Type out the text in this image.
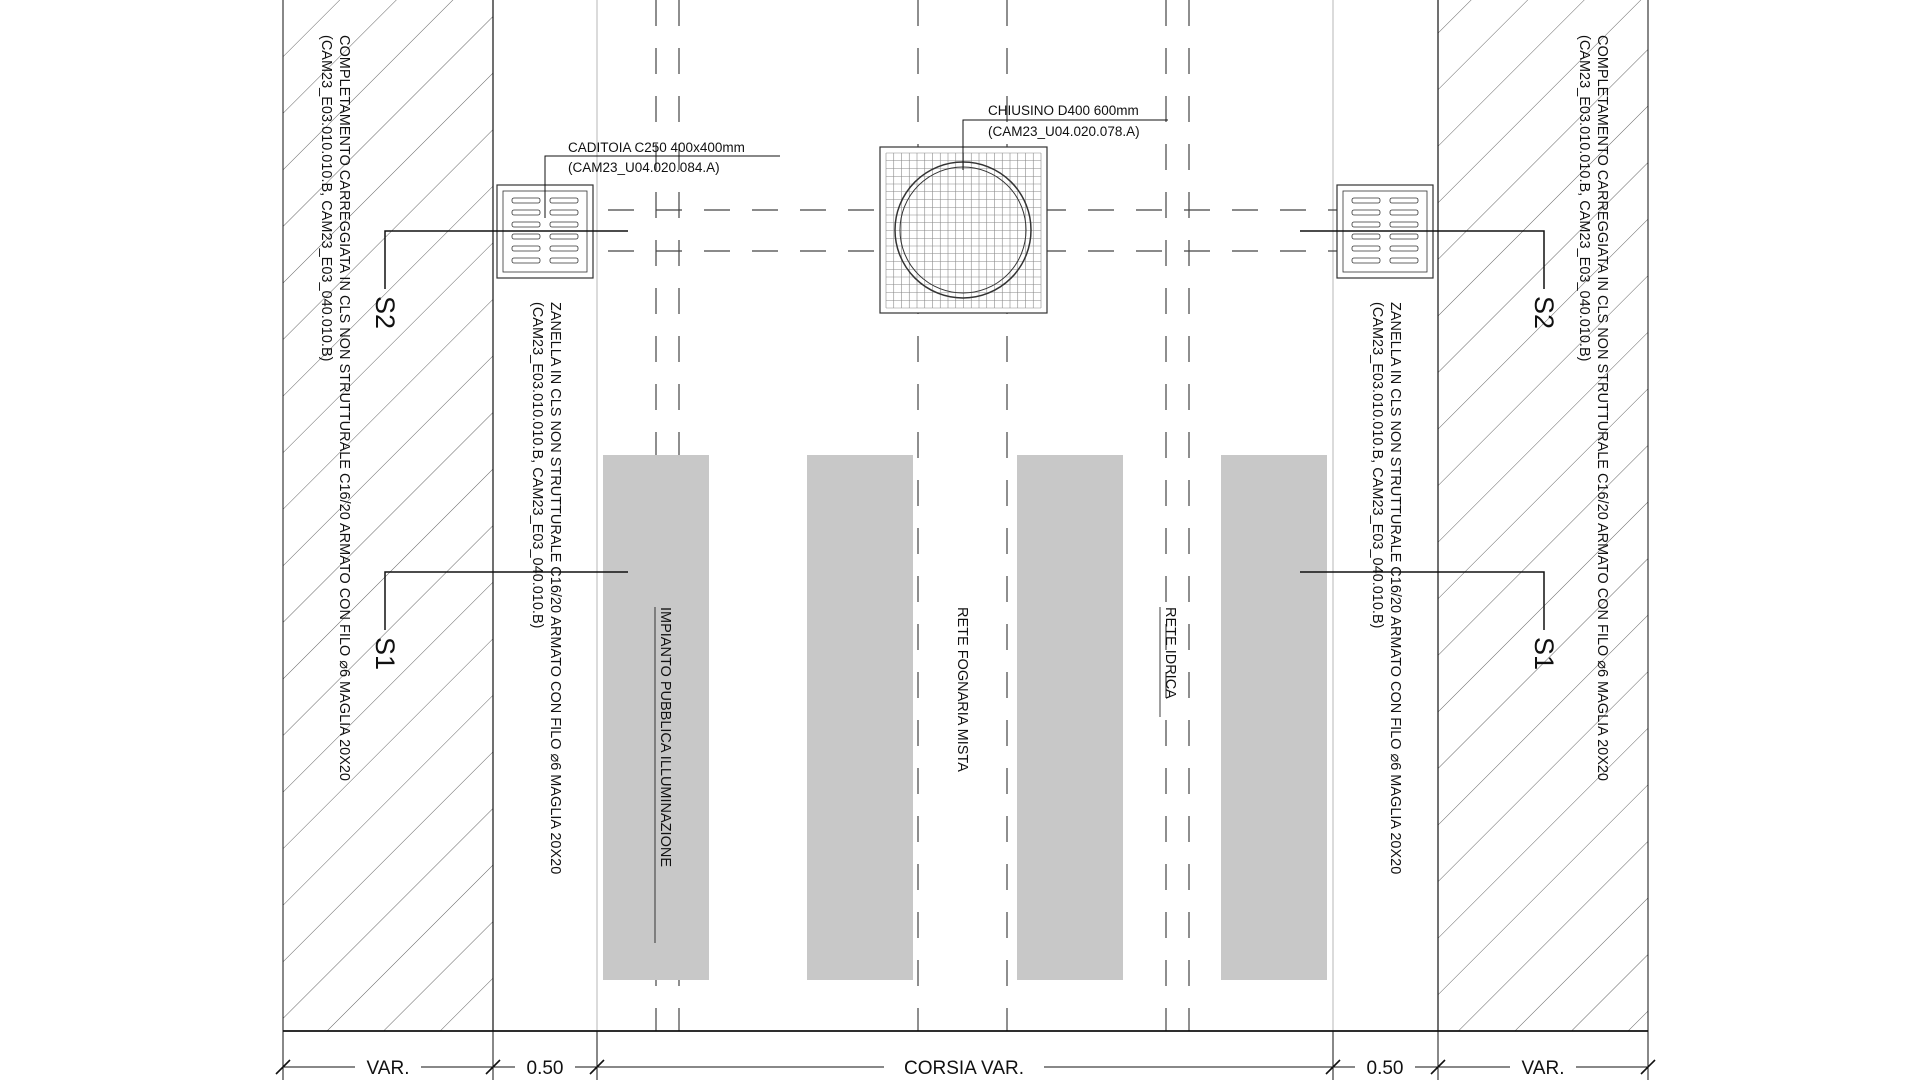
COMPLETAMENTO CARREGGIATA IN CLS NON STRUTTURALE C16/20 ARMATO CON FILO ⌀6 MAGLIA 20X20
(CAM23_E03.010.010.B, CAM23_E03_040.010.B)	COMPLETAMENTO CARREGGIATA IN CLS NON STRUTTURALE C16/20 ARMATO CON FILO ⌀6 MAGLIA 20X20
(CAM23_E03.010.010.B, CAM23_E03_040.010.B)
ZANELLA IN CLS NON STRUTTURALE C16/20 ARMATO CON FILO ⌀6 MAGLIA 20X20
(CAM23_E03.010.010.B, CAM23_E03_040.010.B)	ZANELLA IN CLS NON STRUTTURALE C16/20 ARMATO CON FILO ⌀6 MAGLIA 20X20
(CAM23_E03.010.010.B, CAM23_E03_040.010.B)
IMPIANTO PUBBLICA ILLUMINAZIONE	RETE FOGNARIA MISTA	RETE IDRICA
CADITOIA C250 400x400mm
(CAM23_U04.020.084.A)
CHIUSINO D400 600mm
(CAM23_U04.020.078.A)
S2	S2
S1	S1
VAR.	0.50	CORSIA VAR.	0.50	VAR.
